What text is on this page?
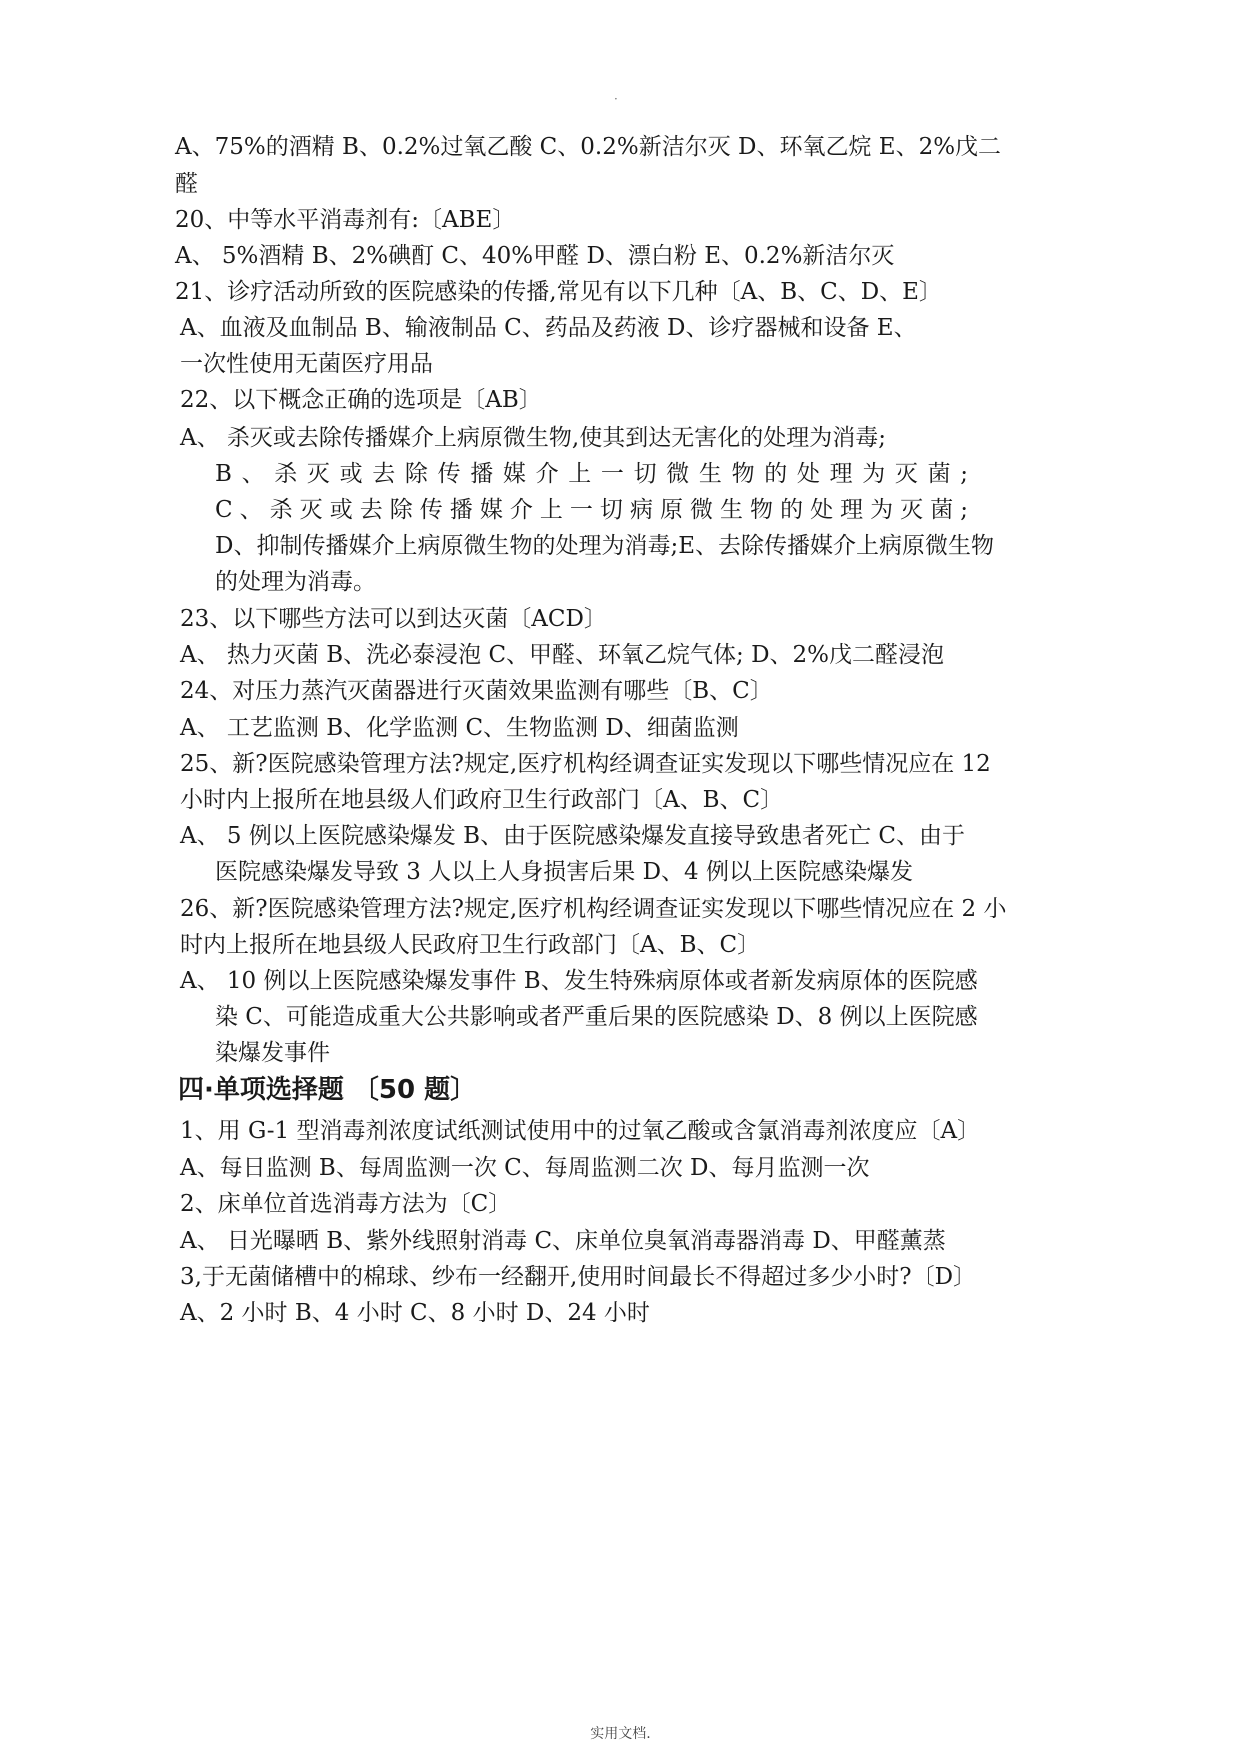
·
A、75%的酒精 B、0.2%过氧乙酸 C、0.2%新洁尔灭 D、环氧乙烷 E、2%戊二
醛
20、中等水平消毒剂有:〔ABE〕
A、 5%酒精 B、2%碘酊 C、40%甲醛 D、漂白粉 E、0.2%新洁尔灭
21、诊疗活动所致的医院感染的传播,常见有以下几种〔A、B、C、D、E〕
A、血液及血制品 B、输液制品 C、药品及药液 D、诊疗器械和设备 E、
一次性使用无菌医疗用品
22、以下概念正确的选项是〔AB〕
A、 杀灭或去除传播媒介上病原微生物,使其到达无害化的处理为消毒;
B、杀灭或去除传播媒介上一切微生物的处理为灭菌;
C、杀灭或去除传播媒介上一切病原微生物的处理为灭菌;
D、抑制传播媒介上病原微生物的处理为消毒;E、去除传播媒介上病原微生物
的处理为消毒。
23、以下哪些方法可以到达灭菌〔ACD〕
A、 热力灭菌 B、洗必泰浸泡 C、甲醛、环氧乙烷气体; D、2%戊二醛浸泡
24、对压力蒸汽灭菌器进行灭菌效果监测有哪些〔B、C〕
A、 工艺监测 B、化学监测 C、生物监测 D、细菌监测
25、新?医院感染管理方法?规定,医疗机构经调查证实发现以下哪些情况应在 12
小时内上报所在地县级人们政府卫生行政部门〔A、B、C〕
A、 5 例以上医院感染爆发 B、由于医院感染爆发直接导致患者死亡 C、由于
医院感染爆发导致 3 人以上人身损害后果 D、4 例以上医院感染爆发
26、新?医院感染管理方法?规定,医疗机构经调查证实发现以下哪些情况应在 2 小
时内上报所在地县级人民政府卫生行政部门〔A、B、C〕
A、 10 例以上医院感染爆发事件 B、发生特殊病原体或者新发病原体的医院感
染 C、可能造成重大公共影响或者严重后果的医院感染 D、8 例以上医院感
染爆发事件
四·单项选择题 〔50 题〕
1、用 G-1 型消毒剂浓度试纸测试使用中的过氧乙酸或含氯消毒剂浓度应〔A〕
A、每日监测 B、每周监测一次 C、每周监测二次 D、每月监测一次
2、床单位首选消毒方法为〔C〕
A、 日光曝晒 B、紫外线照射消毒 C、床单位臭氧消毒器消毒 D、甲醛薰蒸
3,于无菌储槽中的棉球、纱布一经翻开,使用时间最长不得超过多少小时?〔D〕
A、2 小时 B、4 小时 C、8 小时 D、24 小时
实用文档.
